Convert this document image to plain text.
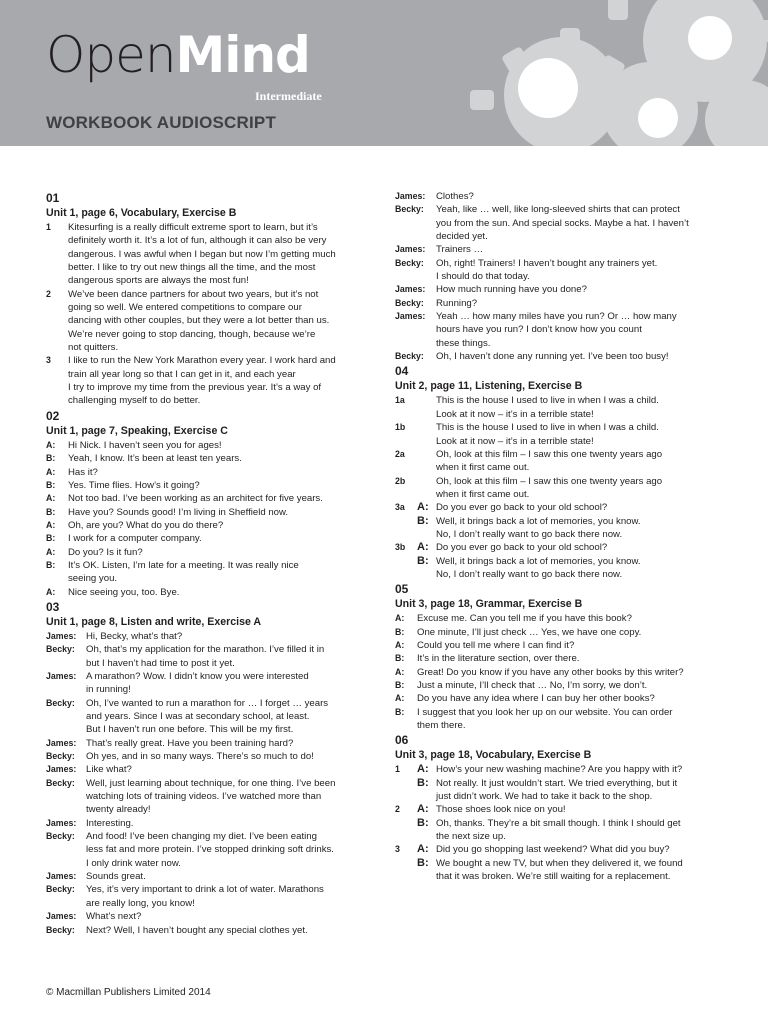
OpenMind
Intermediate
WORKBOOK AUDIOSCRIPT
01
Unit 1, page 6, Vocabulary, Exercise B
1	Kitesurfing is a really difficult extreme sport to learn, but it’s
definitely worth it. It’s a lot of fun, although it can also be very
dangerous. I was awful when I began but now I’m getting much
better. I like to try out new things all the time, and the most
dangerous sports are always the most fun!
2	We’ve been dance partners for about two years, but it’s not
going so well. We entered competitions to compare our
dancing with other couples, but they were a lot better than us.
We’re never going to stop dancing, though, because we’re
not quitters.
3	I like to run the New York Marathon every year. I work hard and
train all year long so that I can get in it, and each year
I try to improve my time from the previous year. It’s a way of
challenging myself to do better.
02
Unit 1, page 7, Speaking, Exercise C
A:	Hi Nick. I haven’t seen you for ages!
B:	Yeah, I know. It’s been at least ten years.
A:	Has it?
B:	Yes. Time flies. How’s it going?
A:	Not too bad. I’ve been working as an architect for five years.
B:	Have you? Sounds good! I’m living in Sheffield now.
A:	Oh, are you? What do you do there?
B:	I work for a computer company.
A:	Do you? Is it fun?
B:	It’s OK. Listen, I’m late for a meeting. It was really nice
seeing you.
A:	Nice seeing you, too. Bye.
03
Unit 1, page 8, Listen and write, Exercise A
James:	Hi, Becky, what’s that?
Becky:	Oh, that’s my application for the marathon. I’ve filled it in
but I haven’t had time to post it yet.
James:	A marathon? Wow. I didn’t know you were interested
in running!
Becky:	Oh, I’ve wanted to run a marathon for … I forget … years
and years. Since I was at secondary school, at least.
But I haven’t run one before. This will be my first.
James:	That’s really great. Have you been training hard?
Becky:	Oh yes, and in so many ways. There’s so much to do!
James:	Like what?
Becky:	Well, just learning about technique, for one thing. I’ve been
watching lots of training videos. I’ve watched more than
twenty already!
James:	Interesting.
Becky:	And food! I’ve been changing my diet. I’ve been eating
less fat and more protein. I’ve stopped drinking soft drinks.
I only drink water now.
James:	Sounds great.
Becky:	Yes, it’s very important to drink a lot of water. Marathons
are really long, you know!
James:	What’s next?
Becky:	Next? Well, I haven’t bought any special clothes yet.
James:	Clothes?
Becky:	Yeah, like … well, like long-sleeved shirts that can protect
you from the sun. And special socks. Maybe a hat. I haven’t
decided yet.
James:	Trainers …
Becky:	Oh, right! Trainers! I haven’t bought any trainers yet.
I should do that today.
James:	How much running have you done?
Becky:	Running?
James:	Yeah … how many miles have you run? Or … how many
hours have you run? I don’t know how you count
these things.
Becky:	Oh, I haven’t done any running yet. I’ve been too busy!
04
Unit 2, page 11, Listening, Exercise B
1a	This is the house I used to live in when I was a child.
Look at it now – it’s in a terrible state!
1b	This is the house I used to live in when I was a child.
Look at it now – it’s in a terrible state!
2a	Oh, look at this film – I saw this one twenty years ago
when it first came out.
2b	Oh, look at this film – I saw this one twenty years ago
when it first came out.
3a	A: Do you ever go back to your old school?
B: Well, it brings back a lot of memories, you know.
No, I don’t really want to go back there now.
3b	A: Do you ever go back to your old school?
B: Well, it brings back a lot of memories, you know.
No, I don’t really want to go back there now.
05
Unit 3, page 18, Grammar, Exercise B
A:	Excuse me. Can you tell me if you have this book?
B:	One minute, I’ll just check … Yes, we have one copy.
A:	Could you tell me where I can find it?
B:	It’s in the literature section, over there.
A:	Great! Do you know if you have any other books by this writer?
B:	Just a minute, I’ll check that … No, I’m sorry, we don’t.
A:	Do you have any idea where I can buy her other books?
B:	I suggest that you look her up on our website. You can order
them there.
06
Unit 3, page 18, Vocabulary, Exercise B
1	A: How’s your new washing machine? Are you happy with it?
B: Not really. It just wouldn’t start. We tried everything, but it
just didn’t work. We had to take it back to the shop.
2	A: Those shoes look nice on you!
B: Oh, thanks. They’re a bit small though. I think I should get
the next size up.
3	A: Did you go shopping last weekend? What did you buy?
B: We bought a new TV, but when they delivered it, we found
that it was broken. We’re still waiting for a replacement.
© Macmillan Publishers Limited 2014
